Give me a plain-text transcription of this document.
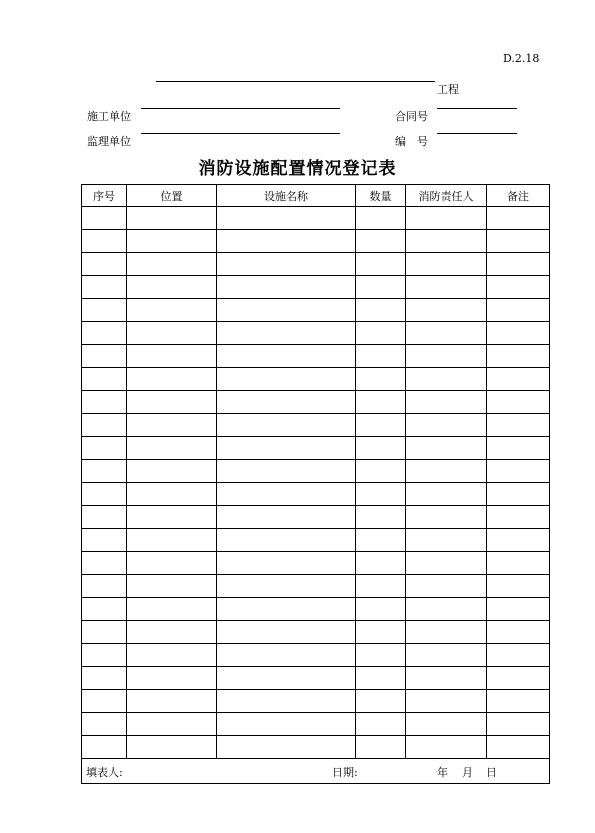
D.2.18
工程
施工单位	合同号
监理单位	编　号
消防设施配置情况登记表
序号	位置	设施名称	数量	消防责任人	备注

填表人: 日期: 年 月 日					
